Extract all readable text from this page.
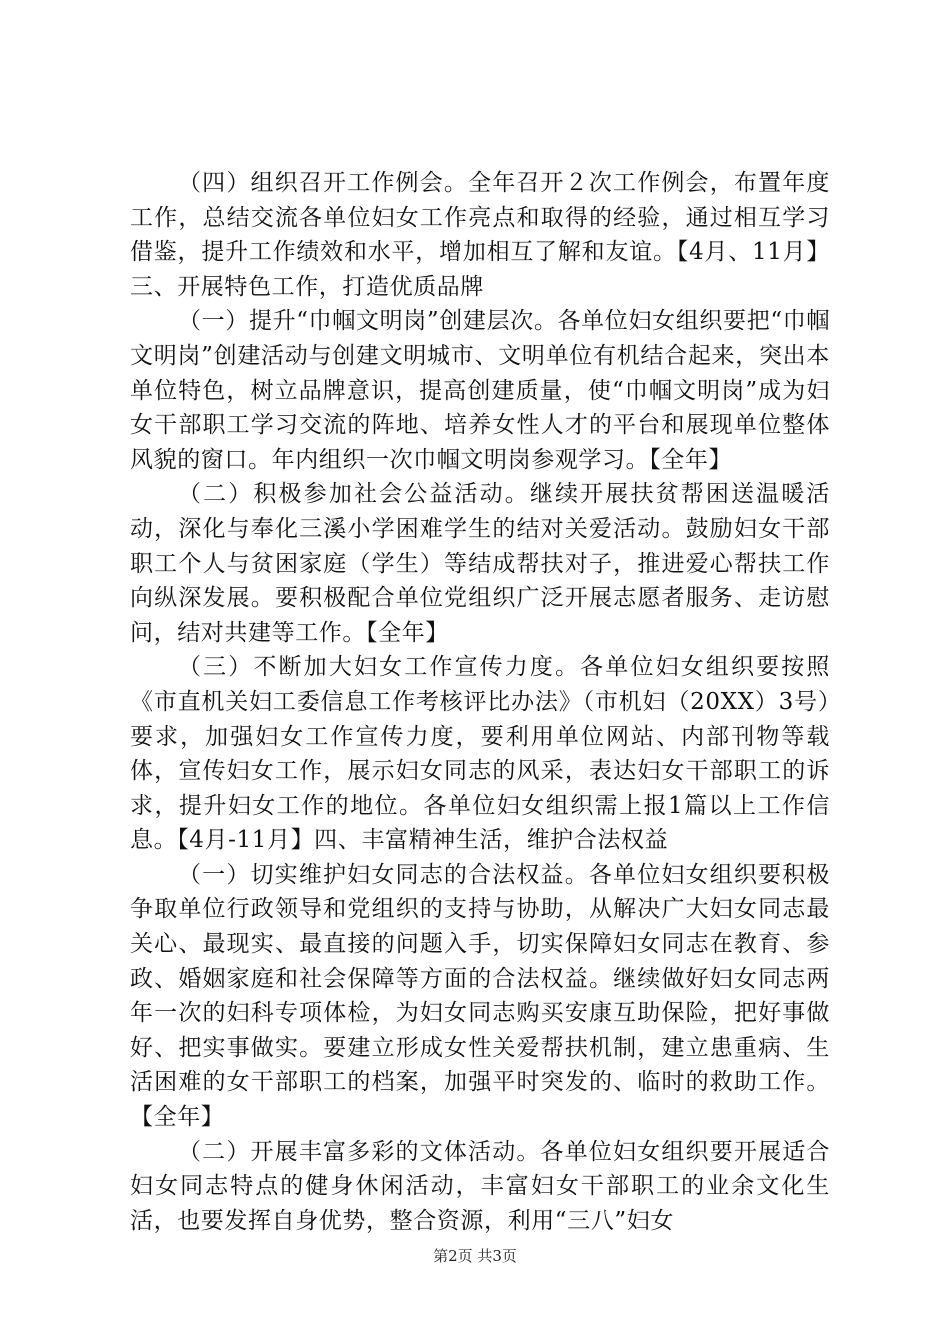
（四）组织召开工作例会。全年召开２次工作例会，布置年度工作，总结交流各单位妇女工作亮点和取得的经验，通过相互学习借鉴，提升工作绩效和水平，增加相互了解和友谊。【4月、11月】三、开展特色工作，打造优质品牌

（一）提升“巾帼文明岗”创建层次。各单位妇女组织要把“巾帼文明岗”创建活动与创建文明城市、文明单位有机结合起来，突出本单位特色，树立品牌意识，提高创建质量，使“巾帼文明岗”成为妇女干部职工学习交流的阵地、培养女性人才的平台和展现单位整体风貌的窗口。年内组织一次巾帼文明岗参观学习。【全年】

（二）积极参加社会公益活动。继续开展扶贫帮困送温暖活动，深化与奉化三溪小学困难学生的结对关爱活动。鼓励妇女干部职工个人与贫困家庭（学生）等结成帮扶对子，推进爱心帮扶工作向纵深发展。要积极配合单位党组织广泛开展志愿者服务、走访慰问，结对共建等工作。【全年】

（三）不断加大妇女工作宣传力度。各单位妇女组织要按照《市直机关妇工委信息工作考核评比办法》（市机妇（20XX）3号）要求，加强妇女工作宣传力度，要利用单位网站、内部刊物等载体，宣传妇女工作，展示妇女同志的风采，表达妇女干部职工的诉求，提升妇女工作的地位。各单位妇女组织需上报1篇以上工作信息。【4月-11月】四、丰富精神生活，维护合法权益

（一）切实维护妇女同志的合法权益。各单位妇女组织要积极争取单位行政领导和党组织的支持与协助，从解决广大妇女同志最关心、最现实、最直接的问题入手，切实保障妇女同志在教育、参政、婚姻家庭和社会保障等方面的合法权益。继续做好妇女同志两年一次的妇科专项体检，为妇女同志购买安康互助保险，把好事做好、把实事做实。要建立形成女性关爱帮扶机制，建立患重病、生活困难的女干部职工的档案，加强平时突发的、临时的救助工作。【全年】

（二）开展丰富多彩的文体活动。各单位妇女组织要开展适合妇女同志特点的健身休闲活动，丰富妇女干部职工的业余文化生活，也要发挥自身优势，整合资源，利用“三八”妇女

第2页 共3页
